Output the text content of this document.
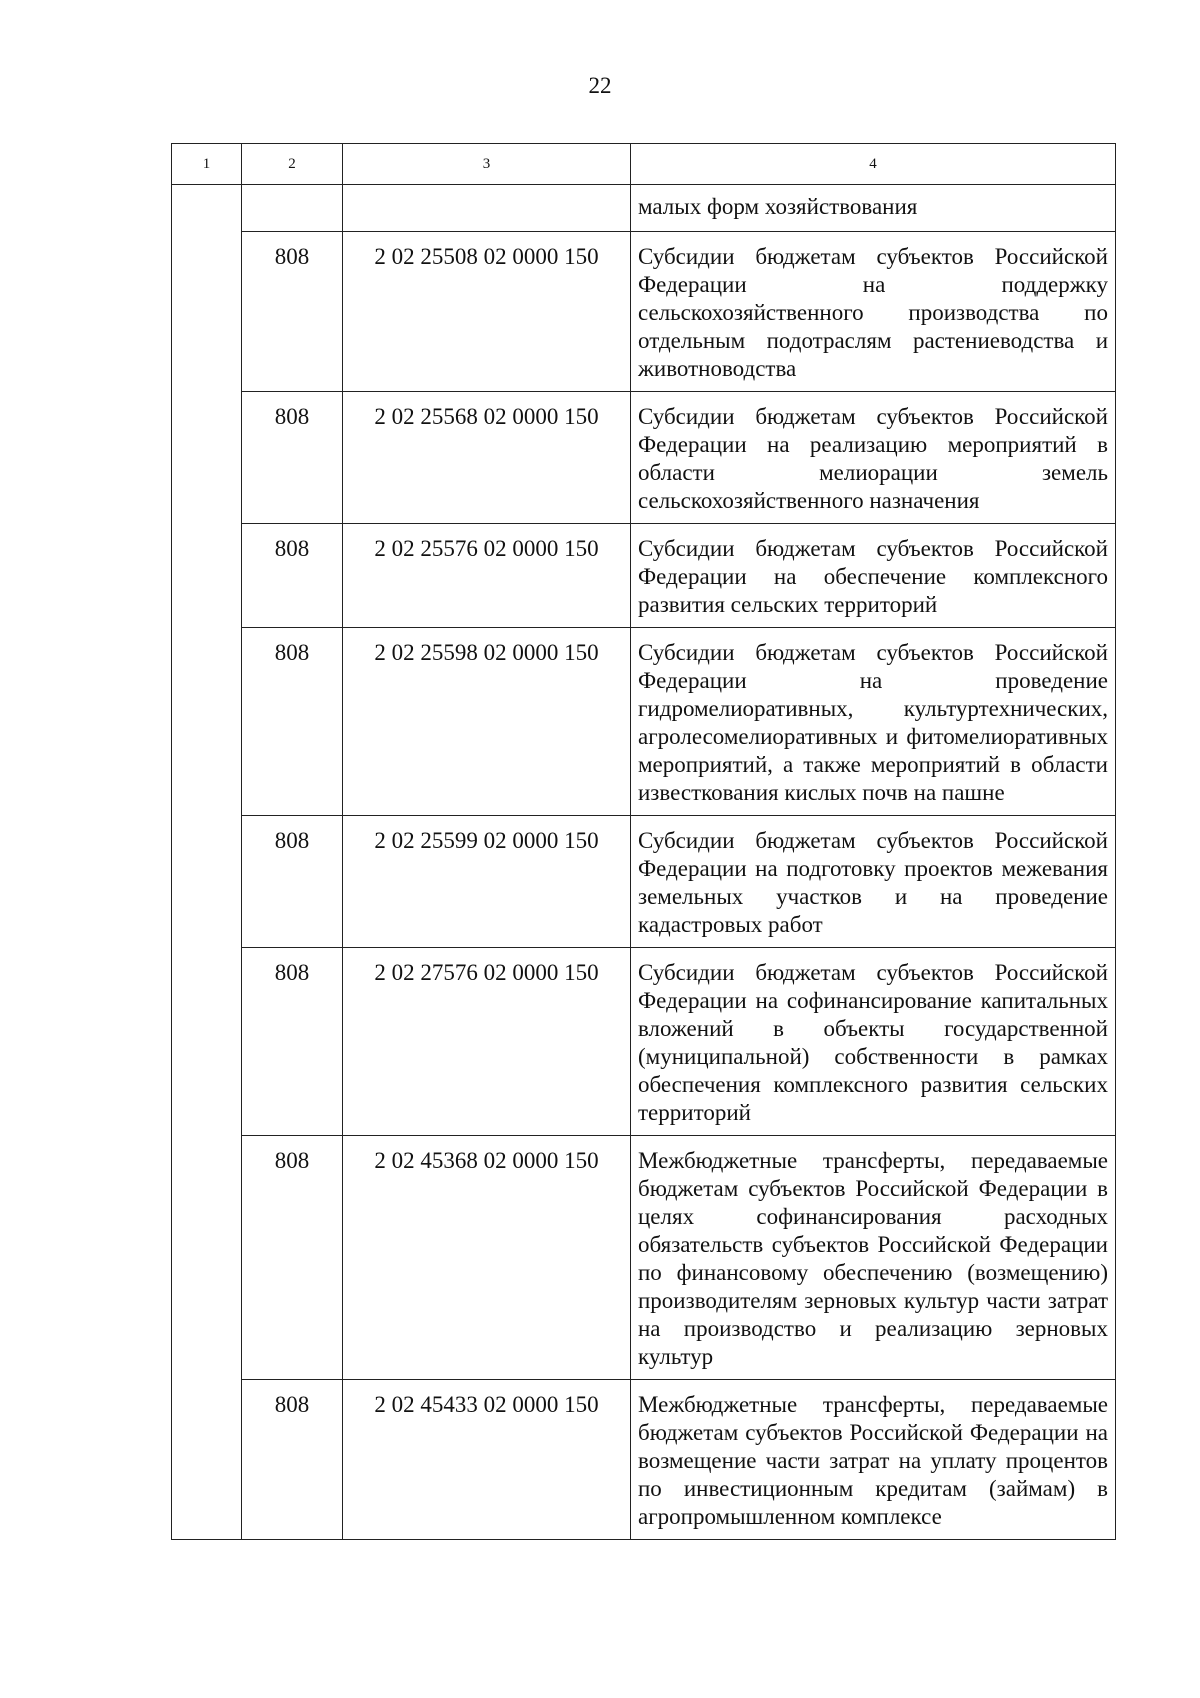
22
1	2	3	4
			малых форм хозяйствования
	808	2 02 25508 02 0000 150	Субсидии бюджетам субъектов Российской Федерации на поддержку сельскохозяйственного производства по отдельным подотраслям растениеводства и животноводства
	808	2 02 25568 02 0000 150	Субсидии бюджетам субъектов Российской Федерации на реализацию мероприятий в области мелиорации земель сельскохозяйственного назначения
	808	2 02 25576 02 0000 150	Субсидии бюджетам субъектов Российской Федерации на обеспечение комплексного развития сельских территорий
	808	2 02 25598 02 0000 150	Субсидии бюджетам субъектов Российской Федерации на проведение гидромелиоративных, культуртехнических, агролесомелиоративных и фитомелиоративных мероприятий, а также мероприятий в области известкования кислых почв на пашне
	808	2 02 25599 02 0000 150	Субсидии бюджетам субъектов Российской Федерации на подготовку проектов межевания земельных участков и на проведение кадастровых работ
	808	2 02 27576 02 0000 150	Субсидии бюджетам субъектов Российской Федерации на софинансирование капитальных вложений в объекты государственной (муниципальной) собственности в рамках обеспечения комплексного развития сельских территорий
	808	2 02 45368 02 0000 150	Межбюджетные трансферты, передаваемые бюджетам субъектов Российской Федерации в целях софинансирования расходных обязательств субъектов Российской Федерации по финансовому обеспечению (возмещению) производителям зерновых культур части затрат на производство и реализацию зерновых культур
	808	2 02 45433 02 0000 150	Межбюджетные трансферты, передаваемые бюджетам субъектов Российской Федерации на возмещение части затрат на уплату процентов по инвестиционным кредитам (займам) в агропромышленном комплексе
